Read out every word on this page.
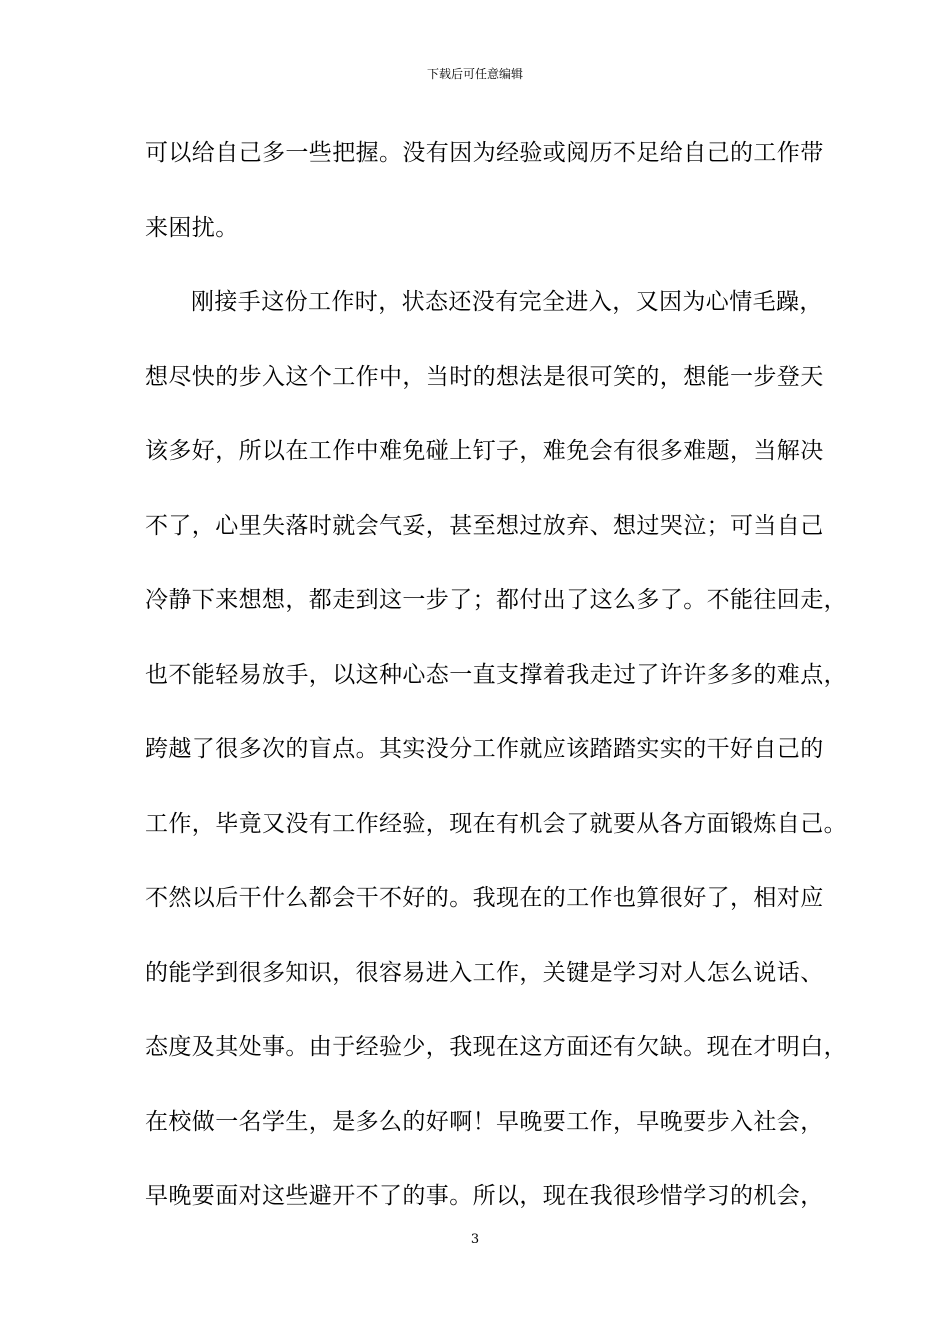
下载后可任意编辑
可以给自己多一些把握。没有因为经验或阅历不足给自己的工作带
来困扰。
刚接手这份工作时，状态还没有完全进入，又因为心情毛躁，
想尽快的步入这个工作中，当时的想法是很可笑的，想能一步登天
该多好，所以在工作中难免碰上钉子，难免会有很多难题，当解决
不了，心里失落时就会气妥，甚至想过放弃、想过哭泣；可当自己
冷静下来想想，都走到这一步了；都付出了这么多了。不能往回走，
也不能轻易放手，以这种心态一直支撑着我走过了许许多多的难点，
跨越了很多次的盲点。其实没分工作就应该踏踏实实的干好自己的
工作，毕竟又没有工作经验，现在有机会了就要从各方面锻炼自己。
不然以后干什么都会干不好的。我现在的工作也算很好了，相对应
的能学到很多知识，很容易进入工作，关键是学习对人怎么说话、
态度及其处事。由于经验少，我现在这方面还有欠缺。现在才明白，
在校做一名学生，是多么的好啊！早晚要工作，早晚要步入社会，
早晚要面对这些避开不了的事。所以，现在我很珍惜学习的机会，
3
